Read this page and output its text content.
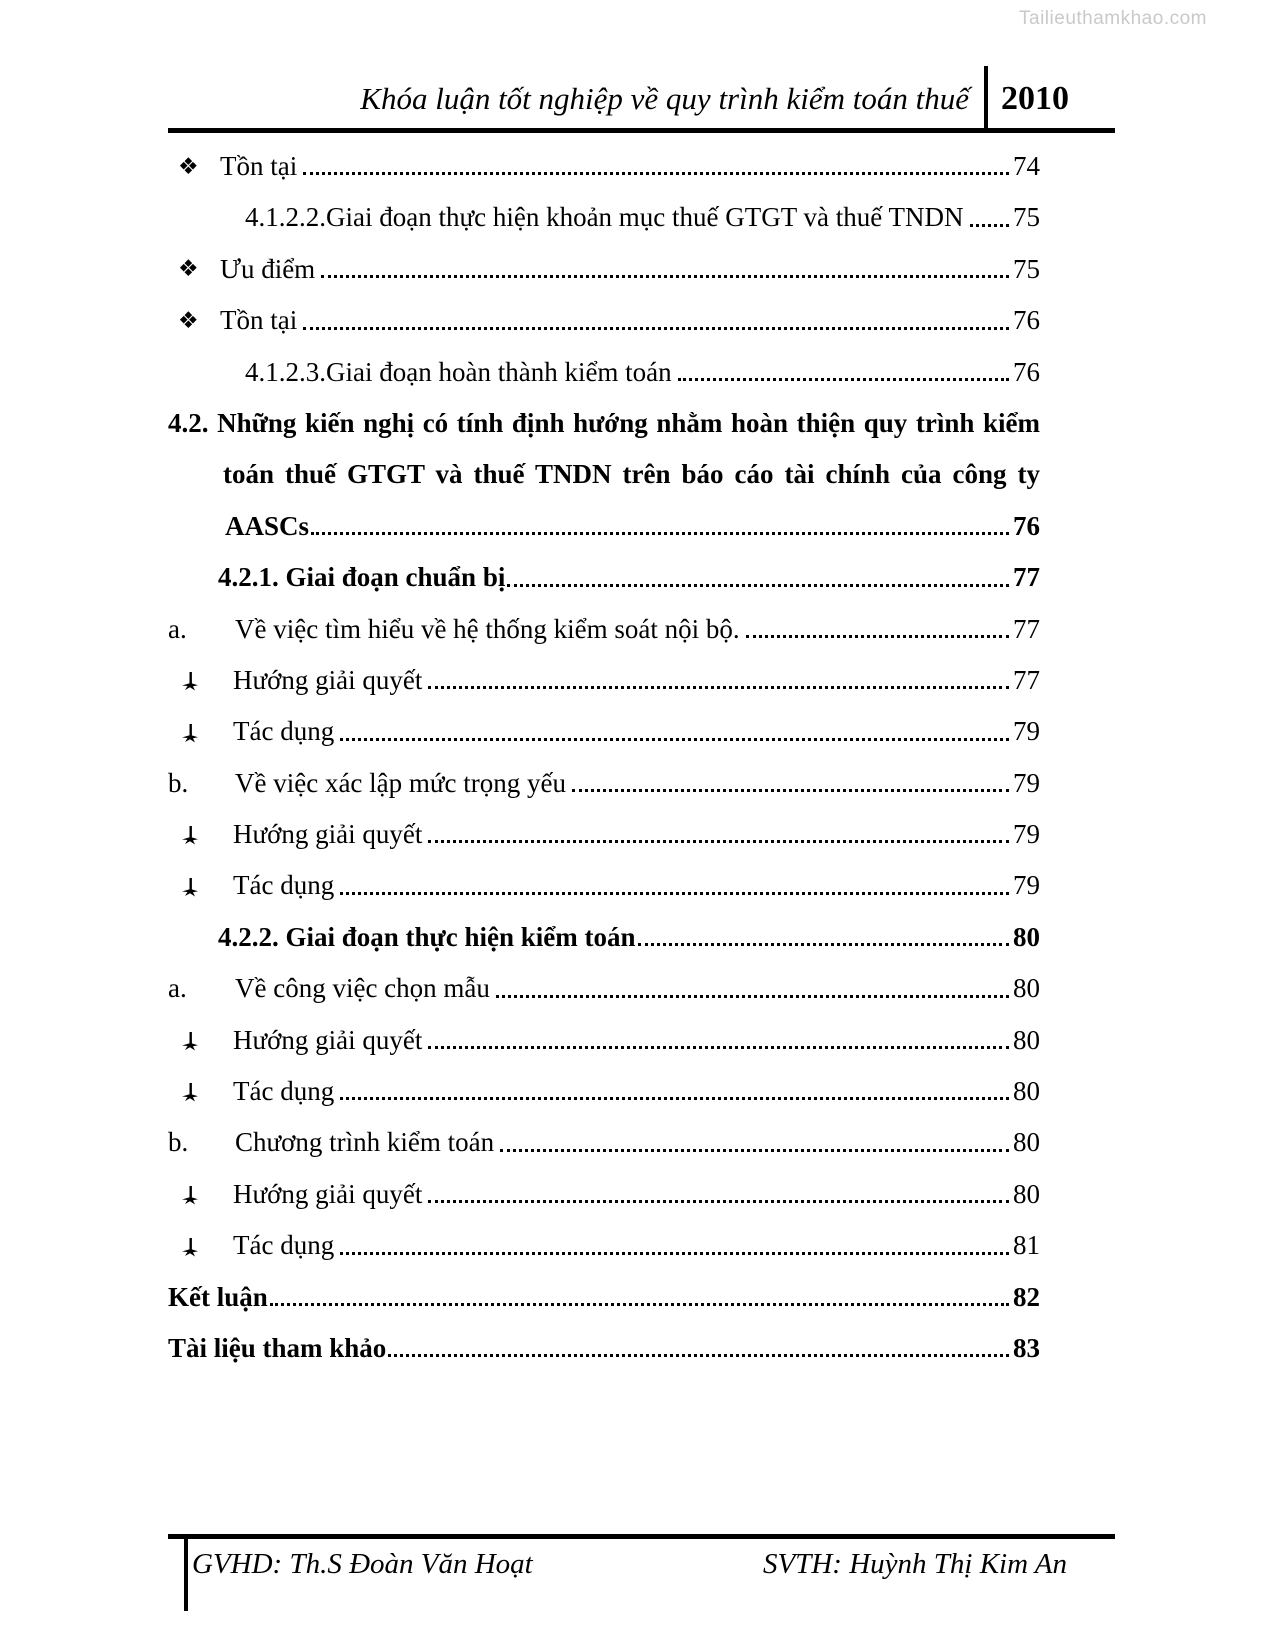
Tailieuthamkhao.com
Khóa luận tốt nghiệp về quy trình kiểm toán thuế 2010
❖ Tồn tại	74
4.1.2.2.Giai đoạn thực hiện khoản mục thuế GTGT và thuế TNDN 75
❖ Ưu điểm	75
❖ Tồn tại	76
4.1.2.3.Giai đoạn hoàn thành kiểm toán	76
4.2. Những kiến nghị có tính định hướng nhằm hoàn thiện quy trình kiểm
toán thuế GTGT và thuế TNDN trên báo cáo tài chính của công ty
AASCs	76
4.2.1. Giai đoạn chuẩn bị	77
a.	Về việc tìm hiểu về hệ thống kiểm soát nội bộ.	77
Hướng giải quyết	77
Tác dụng	79
b.	Về việc xác lập mức trọng yếu	79
Hướng giải quyết	79
Tác dụng	79
4.2.2. Giai đoạn thực hiện kiểm toán	80
a.	Về công việc chọn mẫu	80
Hướng giải quyết	80
Tác dụng	80
b.	Chương trình kiểm toán	80
Hướng giải quyết	80
Tác dụng	81
Kết luận	82
Tài liệu tham khảo	83
GVHD: Th.S Đoàn Văn Hoạt	SVTH: Huỳnh Thị Kim An
